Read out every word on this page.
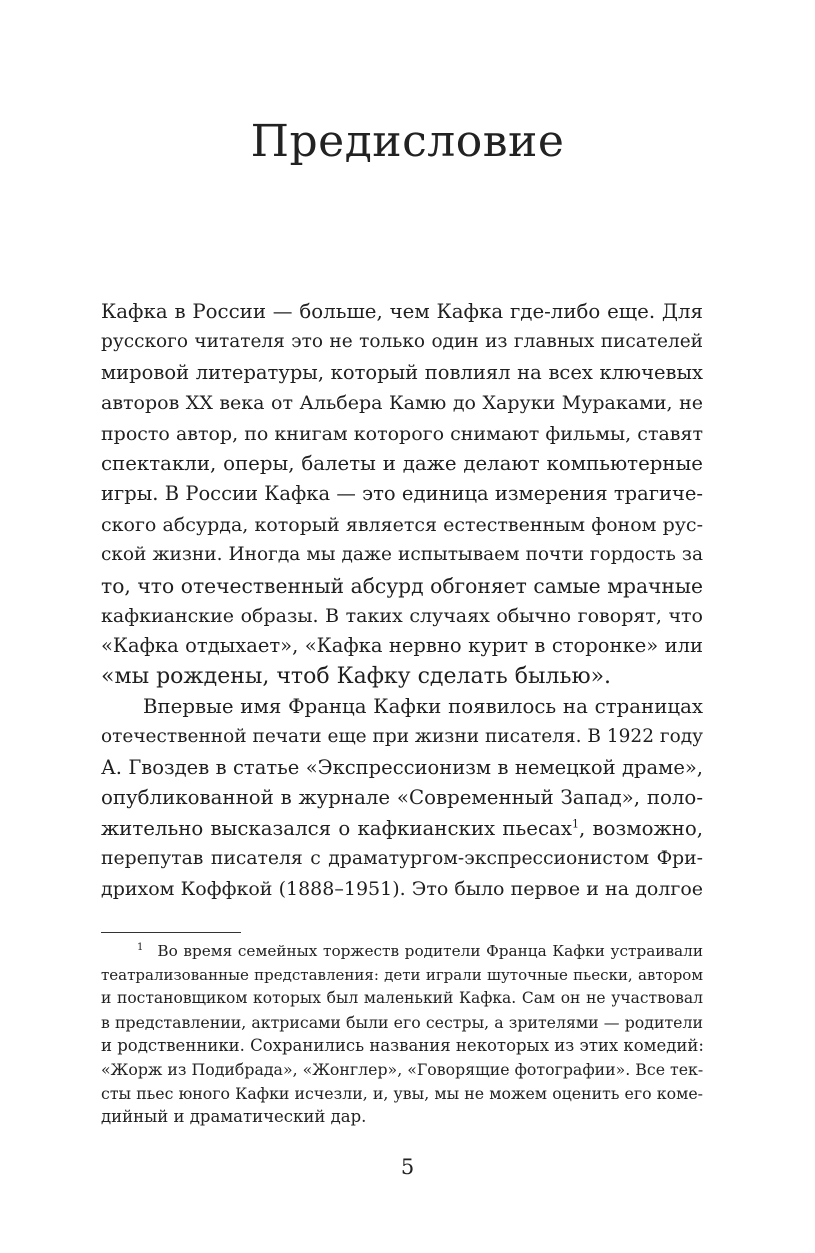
Предисловие
Кафка в России — больше, чем Кафка где-либо еще. Для
русского читателя это не только один из главных писателей
мировой литературы, который повлиял на всех ключевых
авторов ХХ века от Альбера Камю до Харуки Мураками, не
просто автор, по книгам которого снимают фильмы, ставят
спектакли, оперы, балеты и даже делают компьютерные
игры. В России Кафка — это единица измерения трагиче-
ского абсурда, который является естественным фоном рус-
ской жизни. Иногда мы даже испытываем почти гордость за
то, что отечественный абсурд обгоняет самые мрачные
кафкианские образы. В таких случаях обычно говорят, что
«Кафка отдыхает», «Кафка нервно курит в сторонке» или
«мы рождены, чтоб Кафку сделать былью».
Впервые имя Франца Кафки появилось на страницах
отечественной печати еще при жизни писателя. В 1922 году
А. Гвоздев в статье «Экспрессионизм в немецкой драме»,
опубликованной в журнале «Современный Запад», поло-
жительно высказался о кафкианских пьесах$^1$, возможно,
перепутав писателя с драматургом-экспрессионистом Фри-
дрихом Коффкой (1888–1951). Это было первое и на долгое
$^1$ Во время семейных торжеств родители Франца Кафки устраивали
театрализованные представления: дети играли шуточные пьески, автором
и постановщиком которых был маленький Кафка. Сам он не участвовал
в представлении, актрисами были его сестры, а зрителями — родители
и родственники. Сохранились названия некоторых из этих комедий:
«Жорж из Подибрада», «Жонглер», «Говорящие фотографии». Все тек-
сты пьес юного Кафки исчезли, и, увы, мы не можем оценить его коме-
дийный и драматический дар.
5
